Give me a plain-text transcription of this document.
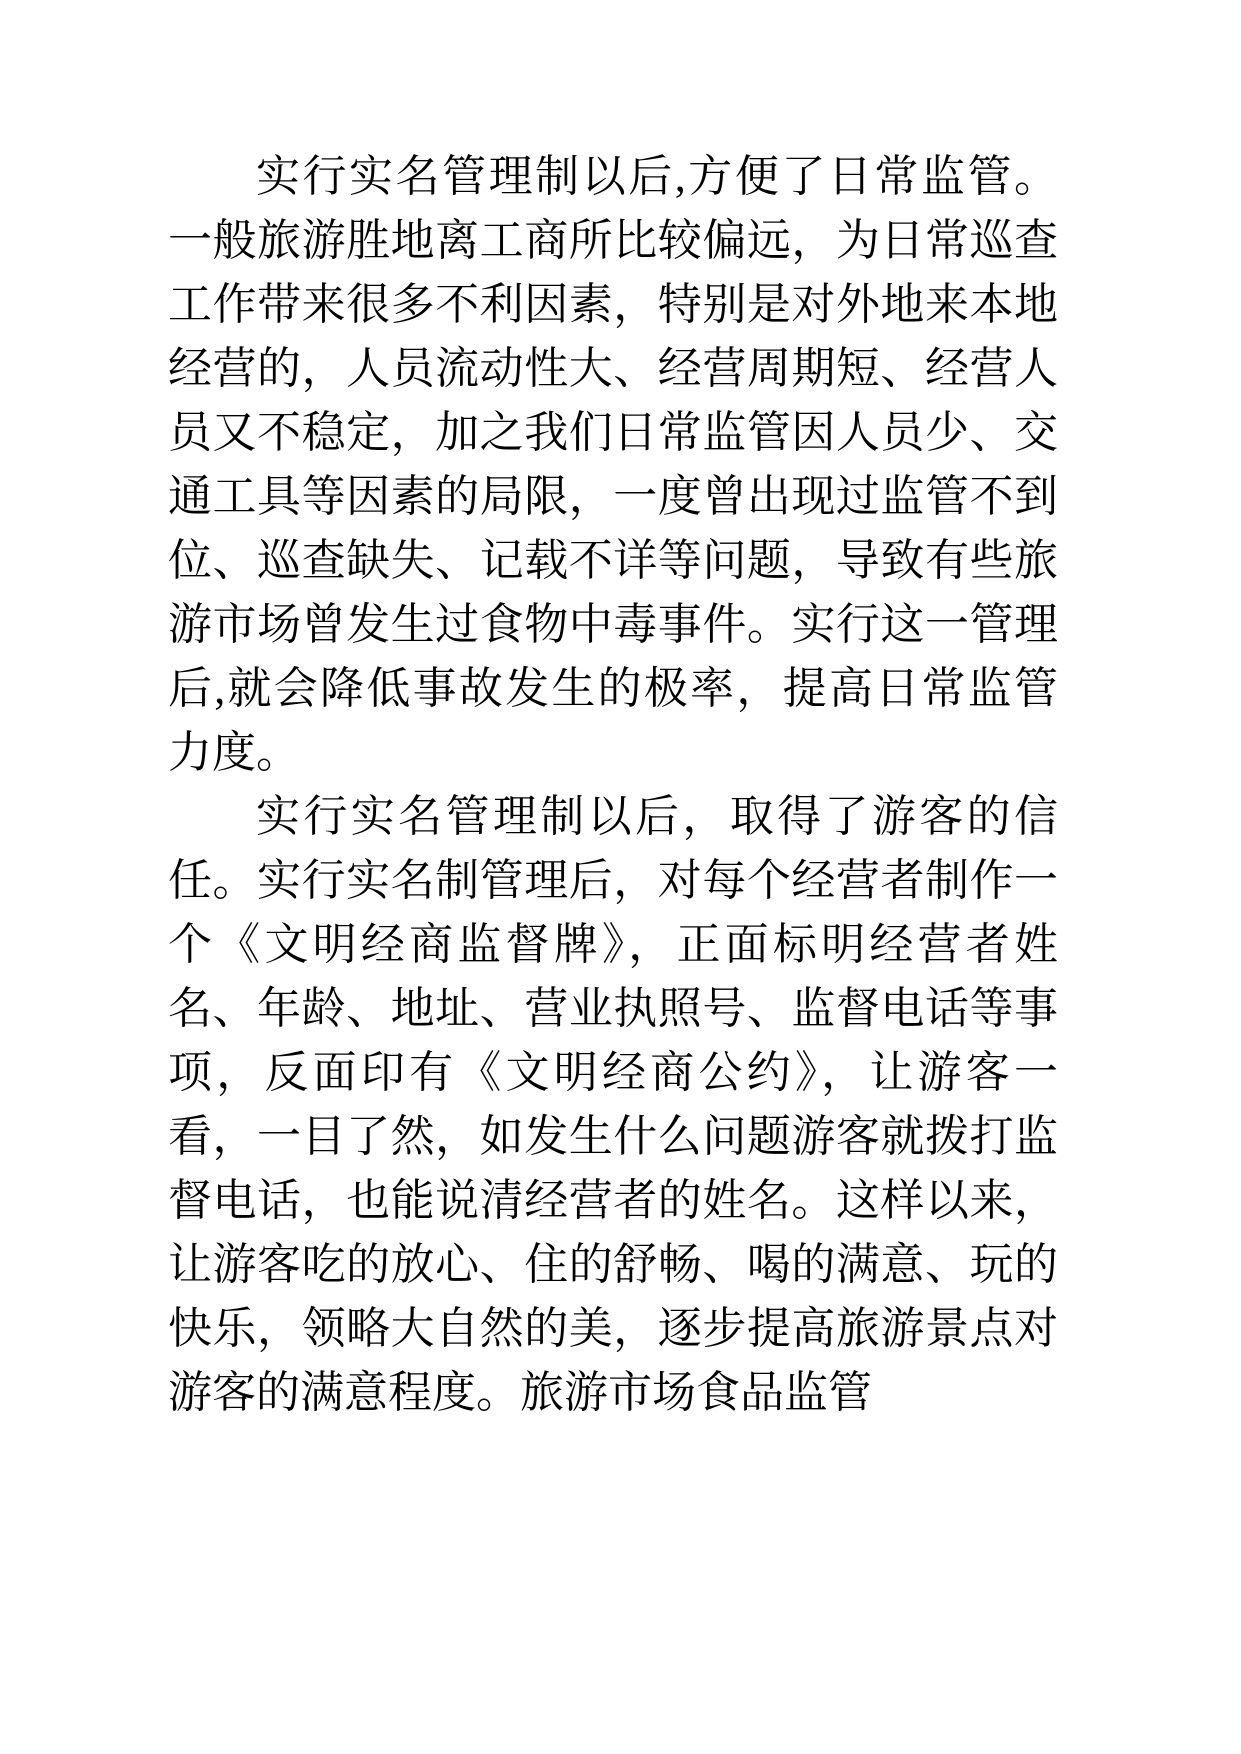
实行实名管理制以后,方便了日常监管。一般旅游胜地离工商所比较偏远，为日常巡查工作带来很多不利因素，特别是对外地来本地经营的，人员流动性大、经营周期短、经营人员又不稳定，加之我们日常监管因人员少、交通工具等因素的局限，一度曾出现过监管不到位、巡查缺失、记载不详等问题，导致有些旅游市场曾发生过食物中毒事件。实行这一管理后,就会降低事故发生的极率，提高日常监管力度。

实行实名管理制以后，取得了游客的信任。实行实名制管理后，对每个经营者制作一个《文明经商监督牌》，正面标明经营者姓名、年龄、地址、营业执照号、监督电话等事项，反面印有《文明经商公约》，让游客一看，一目了然，如发生什么问题游客就拨打监督电话，也能说清经营者的姓名。这样以来，让游客吃的放心、住的舒畅、喝的满意、玩的快乐，领略大自然的美，逐步提高旅游景点对游客的满意程度。旅游市场食品监管
